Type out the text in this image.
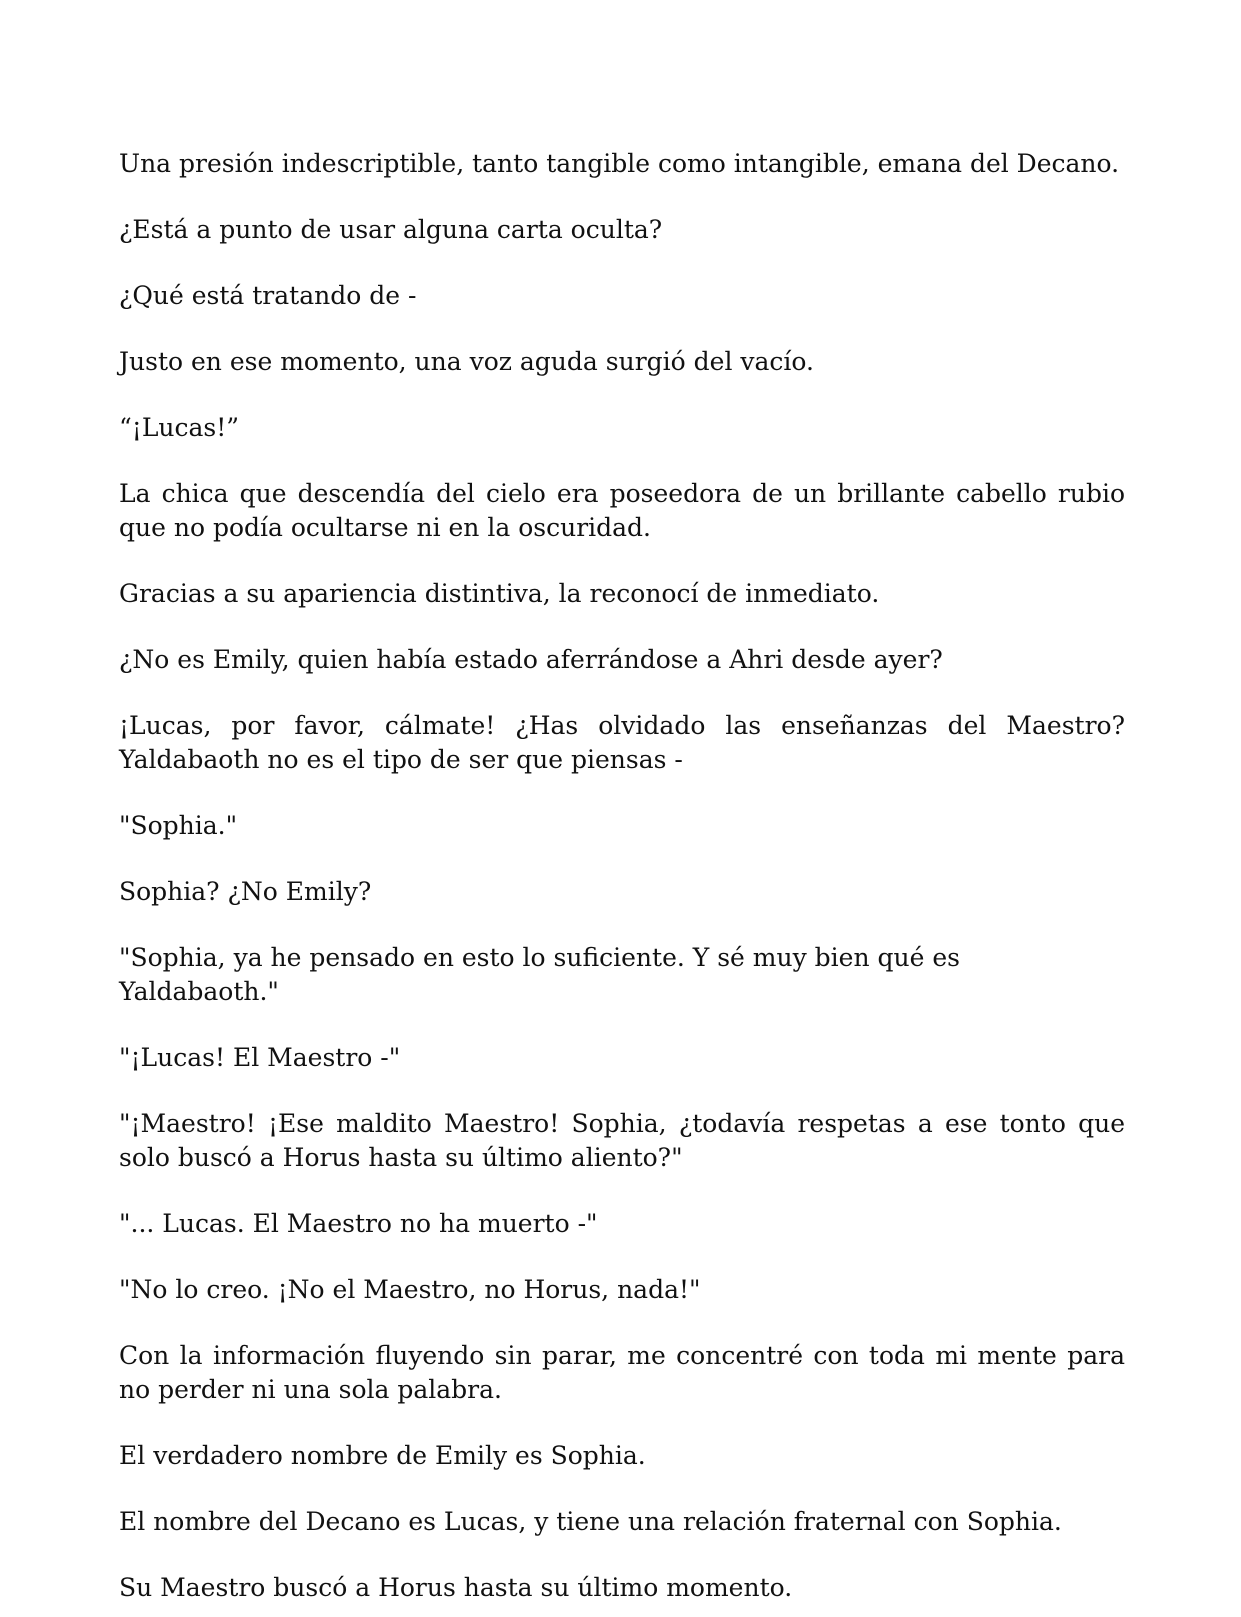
Una presión indescriptible, tanto tangible como intangible, emana del Decano.

¿Está a punto de usar alguna carta oculta?

¿Qué está tratando de -

Justo en ese momento, una voz aguda surgió del vacío.

“¡Lucas!”

La chica que descendía del cielo era poseedora de un brillante cabello rubio que no podía ocultarse ni en la oscuridad.

Gracias a su apariencia distintiva, la reconocí de inmediato.

¿No es Emily, quien había estado aferrándose a Ahri desde ayer?

¡Lucas, por favor, cálmate! ¿Has olvidado las enseñanzas del Maestro? Yaldabaoth no es el tipo de ser que piensas -

"Sophia."

Sophia? ¿No Emily?

"Sophia, ya he pensado en esto lo suficiente. Y sé muy bien qué es Yaldabaoth."

"¡Lucas! El Maestro -"

"¡Maestro! ¡Ese maldito Maestro! Sophia, ¿todavía respetas a ese tonto que solo buscó a Horus hasta su último aliento?"

"... Lucas. El Maestro no ha muerto -"

"No lo creo. ¡No el Maestro, no Horus, nada!"

Con la información fluyendo sin parar, me concentré con toda mi mente para no perder ni una sola palabra.

El verdadero nombre de Emily es Sophia.

El nombre del Decano es Lucas, y tiene una relación fraternal con Sophia.

Su Maestro buscó a Horus hasta su último momento.
